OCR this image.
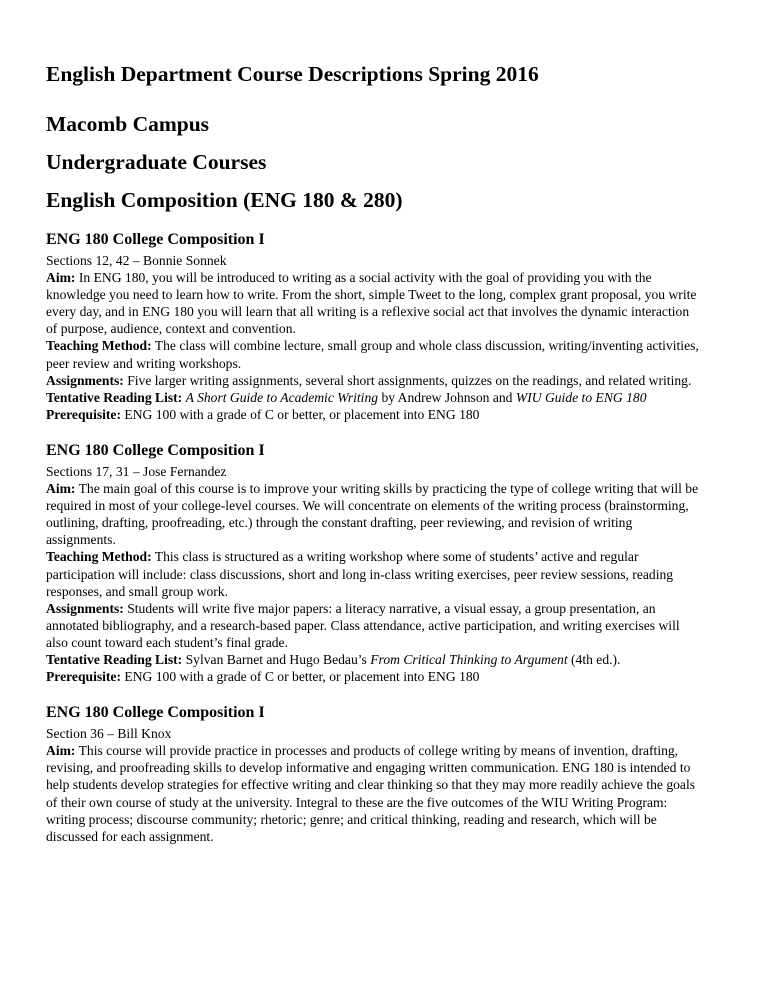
English Department Course Descriptions Spring 2016
Macomb Campus
Undergraduate Courses
English Composition (ENG 180 & 280)
ENG 180 College Composition I

Sections 12, 42 – Bonnie Sonnek

Aim: In ENG 180, you will be introduced to writing as a social activity with the goal of providing you with the knowledge you need to learn how to write. From the short, simple Tweet to the long, complex grant proposal, you write every day, and in ENG 180 you will learn that all writing is a reflexive social act that involves the dynamic interaction of purpose, audience, context and convention.

Teaching Method: The class will combine lecture, small group and whole class discussion, writing/inventing activities, peer review and writing workshops.

Assignments: Five larger writing assignments, several short assignments, quizzes on the readings, and related writing.

Tentative Reading List: A Short Guide to Academic Writing by Andrew Johnson and WIU Guide to ENG 180

Prerequisite: ENG 100 with a grade of C or better, or placement into ENG 180

ENG 180 College Composition I

Sections 17, 31 – Jose Fernandez

Aim: The main goal of this course is to improve your writing skills by practicing the type of college writing that will be required in most of your college-level courses. We will concentrate on elements of the writing process (brainstorming, outlining, drafting, proofreading, etc.) through the constant drafting, peer reviewing, and revision of writing assignments.

Teaching Method: This class is structured as a writing workshop where some of students’ active and regular participation will include: class discussions, short and long in-class writing exercises, peer review sessions, reading responses, and small group work.

Assignments: Students will write five major papers: a literacy narrative, a visual essay, a group presentation, an annotated bibliography, and a research-based paper. Class attendance, active participation, and writing exercises will also count toward each student’s final grade.

Tentative Reading List: Sylvan Barnet and Hugo Bedau’s From Critical Thinking to Argument (4th ed.).

Prerequisite: ENG 100 with a grade of C or better, or placement into ENG 180

ENG 180 College Composition I

Section 36 – Bill Knox

Aim: This course will provide practice in processes and products of college writing by means of invention, drafting, revising, and proofreading skills to develop informative and engaging written communication. ENG 180 is intended to help students develop strategies for effective writing and clear thinking so that they may more readily achieve the goals of their own course of study at the university. Integral to these are the five outcomes of the WIU Writing Program: writing process; discourse community; rhetoric; genre; and critical thinking, reading and research, which will be discussed for each assignment.
